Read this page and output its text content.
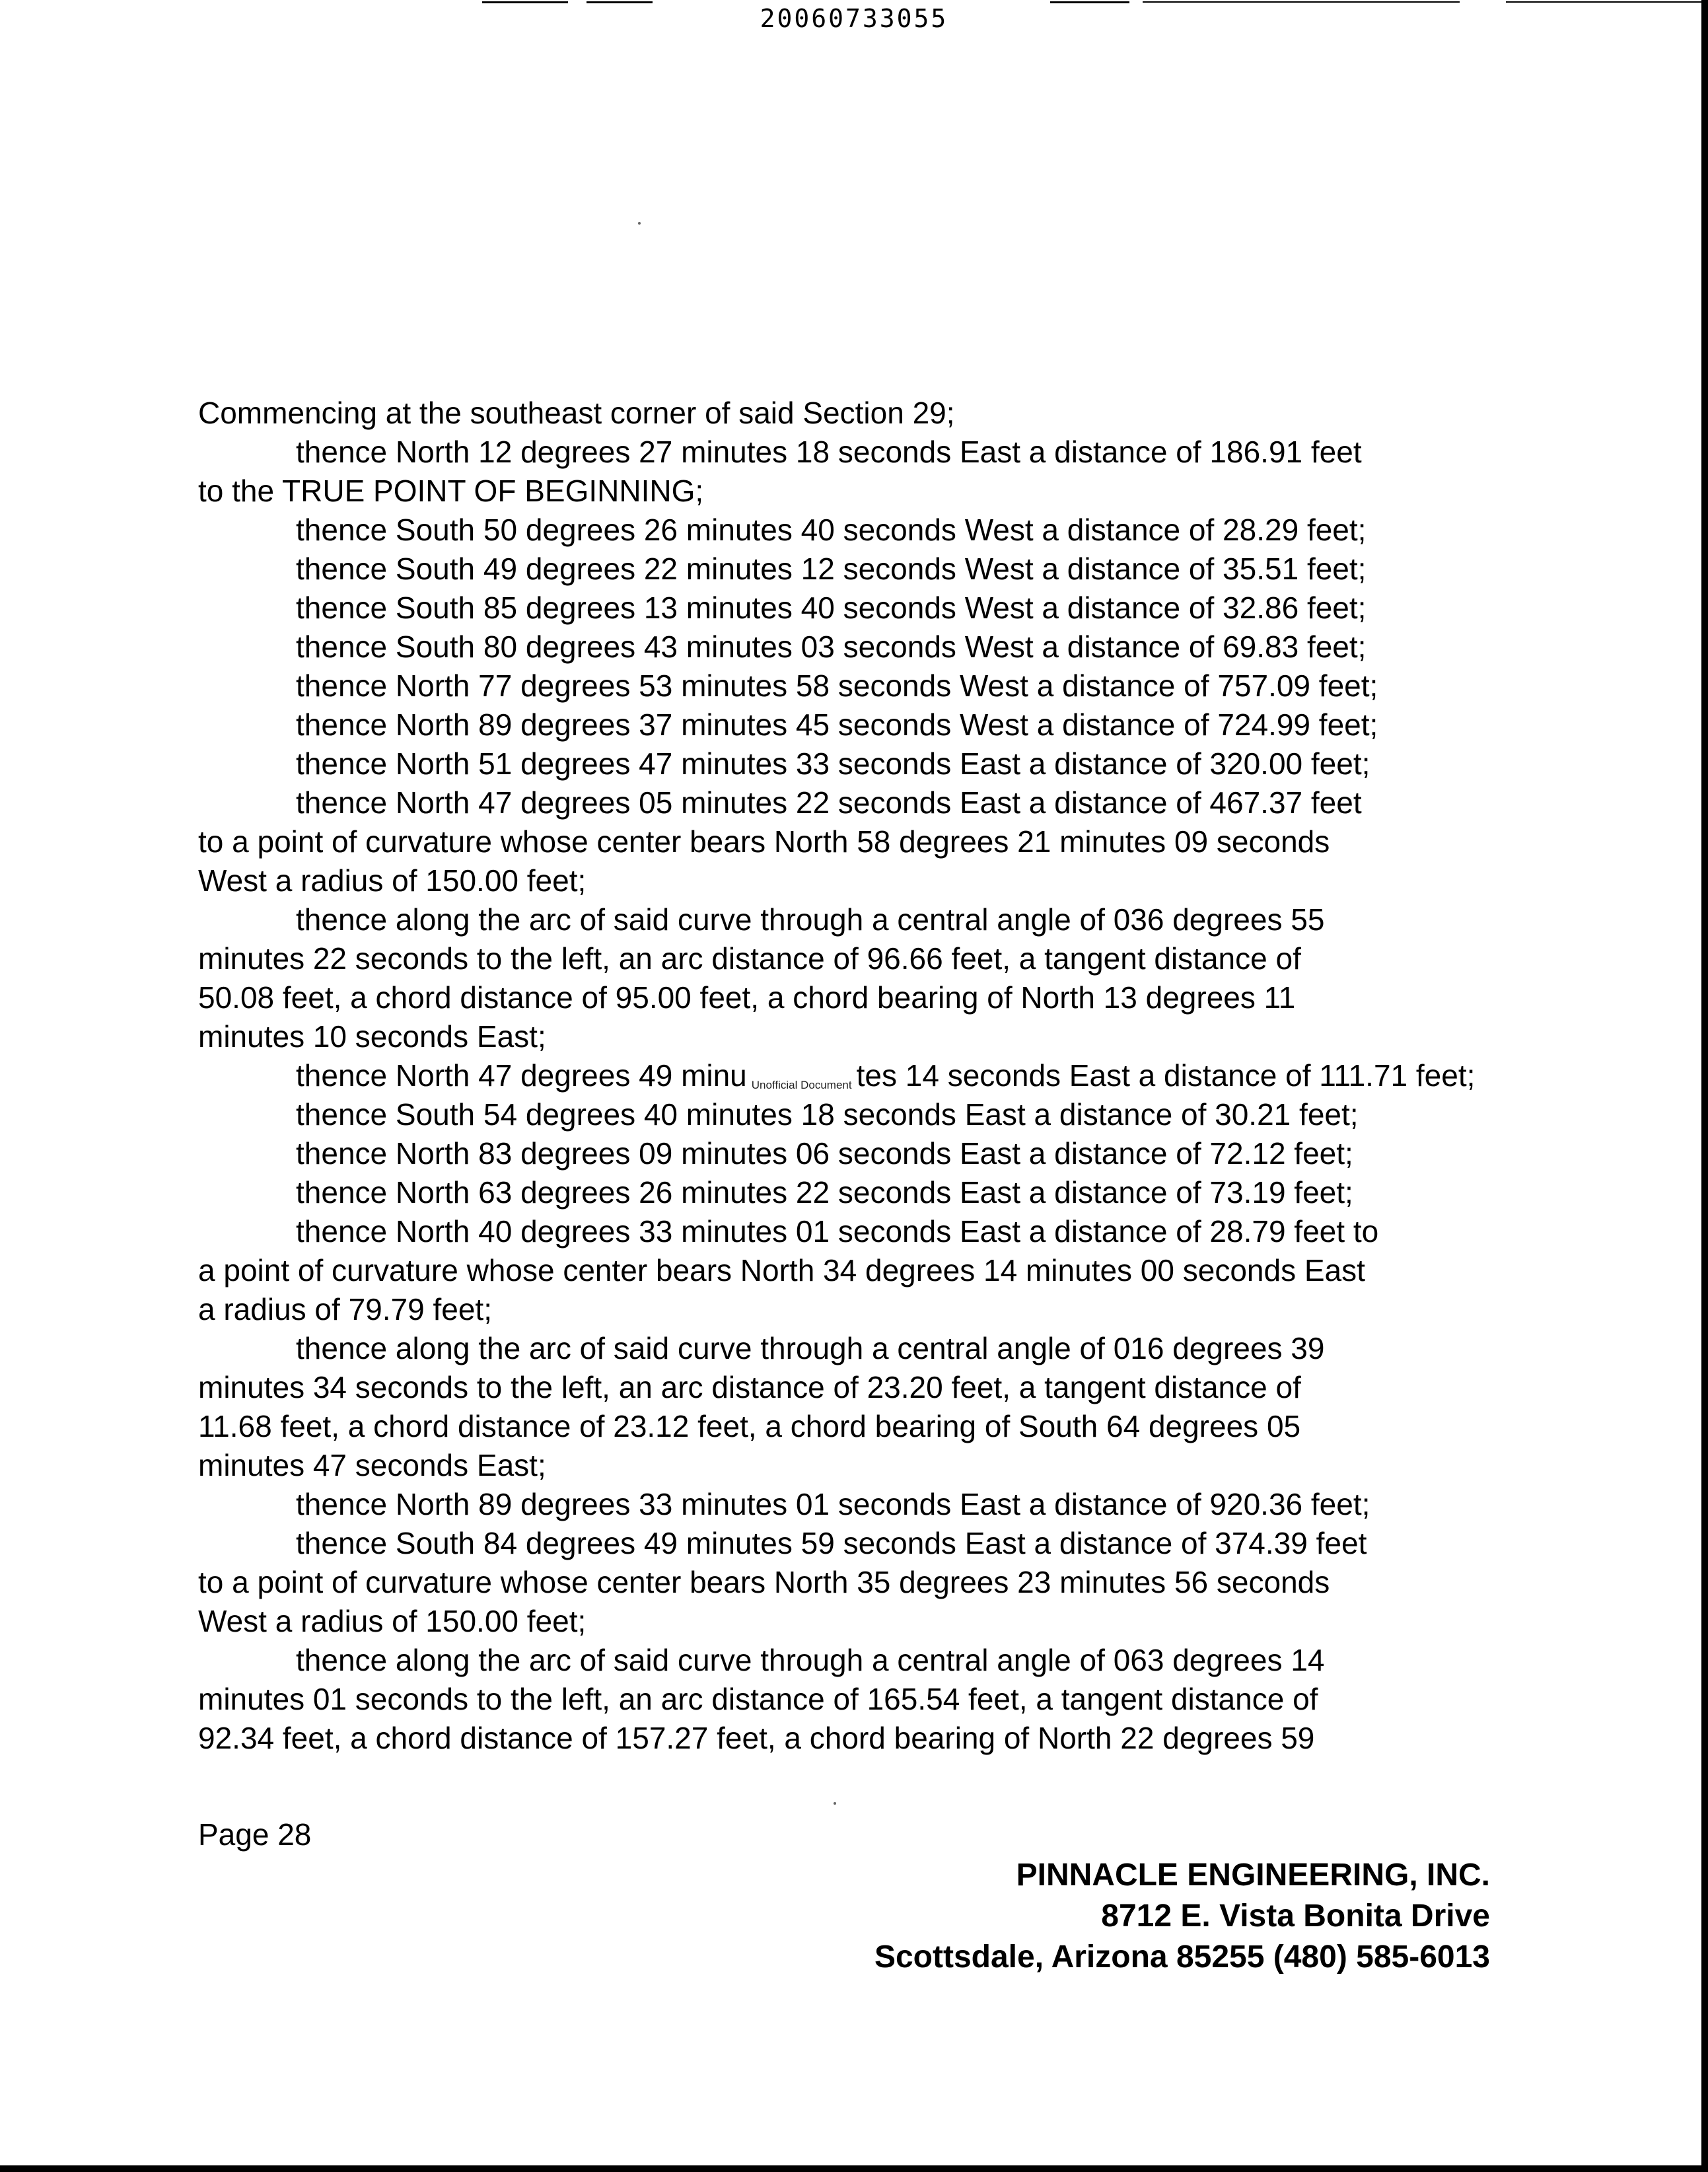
20060733055
Commencing at the southeast corner of said Section 29;
thence North 12 degrees 27 minutes 18 seconds East a distance of 186.91 feet
to the TRUE POINT OF BEGINNING;
thence South 50 degrees 26 minutes 40 seconds West a distance of 28.29 feet;
thence South 49 degrees 22 minutes 12 seconds West a distance of 35.51 feet;
thence South 85 degrees 13 minutes 40 seconds West a distance of 32.86 feet;
thence South 80 degrees 43 minutes 03 seconds West a distance of 69.83 feet;
thence North 77 degrees 53 minutes 58 seconds West a distance of 757.09 feet;
thence North 89 degrees 37 minutes 45 seconds West a distance of 724.99 feet;
thence North 51 degrees 47 minutes 33 seconds East a distance of 320.00 feet;
thence North 47 degrees 05 minutes 22 seconds East a distance of 467.37 feet
to a point of curvature whose center bears North 58 degrees 21 minutes 09 seconds
West a radius of 150.00 feet;
thence along the arc of said curve through a central angle of 036 degrees 55
minutes 22 seconds to the left, an arc distance of 96.66 feet, a tangent distance of
50.08 feet, a chord distance of 95.00 feet, a chord bearing of North 13 degrees 11
minutes 10 seconds East;
thence North 47 degrees 49 minu Unofficial Document tes 14 seconds East a distance of 111.71 feet;
thence South 54 degrees 40 minutes 18 seconds East a distance of 30.21 feet;
thence North 83 degrees 09 minutes 06 seconds East a distance of 72.12 feet;
thence North 63 degrees 26 minutes 22 seconds East a distance of 73.19 feet;
thence North 40 degrees 33 minutes 01 seconds East a distance of 28.79 feet to
a point of curvature whose center bears North 34 degrees 14 minutes 00 seconds East
a radius of 79.79 feet;
thence along the arc of said curve through a central angle of 016 degrees 39
minutes 34 seconds to the left, an arc distance of 23.20 feet, a tangent distance of
11.68 feet, a chord distance of 23.12 feet, a chord bearing of South 64 degrees 05
minutes 47 seconds East;
thence North 89 degrees 33 minutes 01 seconds East a distance of 920.36 feet;
thence South 84 degrees 49 minutes 59 seconds East a distance of 374.39 feet
to a point of curvature whose center bears North 35 degrees 23 minutes 56 seconds
West a radius of 150.00 feet;
thence along the arc of said curve through a central angle of 063 degrees 14
minutes 01 seconds to the left, an arc distance of 165.54 feet, a tangent distance of
92.34 feet, a chord distance of 157.27 feet, a chord bearing of North 22 degrees 59
Page 28
PINNACLE ENGINEERING, INC.
8712 E. Vista Bonita Drive
Scottsdale, Arizona 85255 (480) 585-6013
